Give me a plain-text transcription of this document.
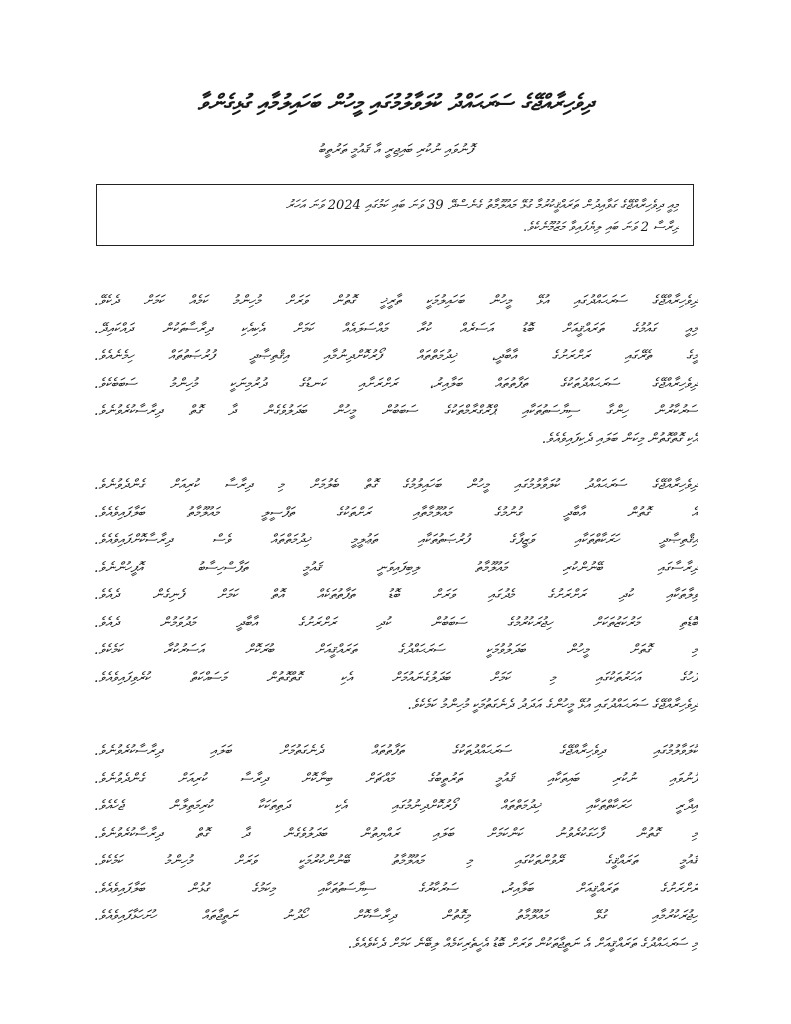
ދިވެހިރާއްޖޭގެ ސަރަޙައްދު ކުލަވާލުމުގައި މީހުން ބަހައިލުމާއި ގުޅިގެންވާ
ފޮނުވައި ނުކުރި ބައިޖިރީ އާ ޤައުމީ ތަރުތީބު
މިއީ ދިވެހިރާއްޖޭގެ ގަވާއިދުން ތަރައްޤީކުރުމާ ގުޅޭ މައުލޫމާތު ގެނެސްދޭ 39 ވަނަ ބައި ކަމުގައި 2024 ވަނަ އަހަރު
ދިރާސާ 2 ވަނަ ބައި ލިޔެފައިވާ މަޒުމޫނެކެވެ.
ދިވެހިރާއްޖޭގެ ސަރަޙައްދުގައި އުޅޭ މީހުން ބަހައިލުމަކީ ތާރީޚީ ގޮތުން ވަރަށް މުހިންމު ކަމެއް ކަމަށް ދެކެވޭ.
މިއީ ގައުމުގެ ތަރައްޤީއަށް ބޮޑު އަސަރެއް ކުރާ މައްސަލައެއް ކަމަށް އެކިއެކި ދިރާސާތަކުން ދައްކައިދޭ.
މީގެ ތެރޭގައި ރަށްރަށުގެ އާބާދީ، ޚިދުމަތްތައް ފޯރުކޮށްދިނުމާއި އިޤްތިޞާދީ ފުރުޞަތުތައް ހިމެނެއެވެ.
ދިވެހިރާއްޖޭގެ ސަރަޙައްދުތަކުގެ ތަފާތުތައް ބަލާއިރު، ރަށްރަށާއި ކަނޑުގެ ދުރުމިނަކީ މުހިންމު ސަބަބެކެވެ.
ސަރުކާރުން ހިންގާ ސިޔާސަތުތަކާއި ޕްރޮގްރާމްތަކުގެ ސަބަބުން މީހުން ބަދަލުވެގެން ދާ ގޮތް ދިރާސާކުރެވުނެވެ.
އެކި ގޮތްގޮތުން މިކަން ބަލައި ދެކިފައިވެއެވެ.
ދިވެހިރާއްޖޭގެ ސަރަޙައްދު ކުލަވާލުމުގައި މީހުން ބަހައިލުމުގެ ގޮތް ބެލުމަށް މި ދިރާސާ ކުރިއަށް ގެންދެވުނެވެ.
އެ ގޮތުން އާބާދީ ގުނުމުގެ މައުލޫމާތާއި ރަށްތަކުގެ ތަފްސީލީ މައުލޫމާތު ބަލާފައިވެއެވެ.
އިޤްތިޞާދީ ހަރަކާތްތަކާއި ވަޒީފާގެ ފުރުޞަތުތަކާއި ތަޢުލީމީ ޚިދުމަތްތައް ވެސް ދިރާސާކޮށްފައިވެއެވެ.
ދިރާސާގައި ބޭނުންކުރި މައުލޫމާތު ލިބިފައިވަނީ ޤައުމީ ތަފާސްހިސާބު އޮފީހުންނެވެ.
ވިލާތަކާއި ކުދި ރަށްރަށުގެ މެދުގައި ވަރަށް ބޮޑު ތަފާތުތަކެއް އޮތް ކަމަށް ފެނިގެން ދެއެވެ.
ބޮޑެތި މަރުކަޒުތަކަށް ހިޖުރަކުރުމުގެ ސަބަބުން ކުދި ރަށްރަށުގެ އާބާދީ މަދުވަމުން ދެއެވެ.
މި ގޮތަށް މީހުން ބަދަލުވުމަކީ ސަރަޙައްދުގެ ތަރައްޤީއަށް ބުރަކޮށް އަސަރުކުރާ ކަމެކެވެ.
ފަހުގެ އަހަރުތަކުގައި މި ކަމަށް ބަދަލުގެނައުމަށް އެކި ގޮތްގޮތުން މަސައްކަތް ކުރެވިފައިވެއެވެ.
ދިވެހިރާއްޖޭގެ ސަރަޙައްދުގައި އުޅޭ މީހުންގެ އަދަދު ދެނެގަތުމަކީ މުހިންމު ކަމެކެވެ.
ކުލަވާލުމުގައި ދިވެހިރާއްޖޭގެ ސަރަޙައްދުތަކުގެ ތަފާތުތައް ދެނެގަތުމަށް ބަލައި ދިރާސާކުރެވުނެވެ.
ފޮނުވައި ނުކުރި ބައިތަކާއި ޤައުމީ ތަރުތީބުގެ މައްޗަށް ބިނާކޮށް ދިރާސާ ކުރިއަށް ގެންދެވުނެވެ.
އިދާރީ ހަރަކާތްތަކާއި ޚިދުމަތްތައް ފޯރުކޮށްދިނުމުގައި އެކި ދަތިތަކަކާ ކުރިމަތިލާން ޖެހެއެވެ.
މި ގޮތުން ފާހަގަކުރެވުނު ކަންކަމަށް ބަލައި ރައްޔިތުން ބަދަލުވެގެން ދާ ގޮތް ދިރާސާކުރެވުނެވެ.
ޤައުމީ ތަރައްޤީގެ ރޭވުންތަކުގައި މި މައުލޫމާތު ބޭނުންކުރުމަކީ ވަރަށް މުހިންމު ކަމެކެވެ.
ރަށްރަށުގެ ތަރައްޤީއަށް ބަލާއިރު، ސަރުކާރުގެ ސިޔާސަތުތަކާއި މިކަމުގެ ގުޅުން ބަލާފައިވެއެވެ.
ހިޖުރަކުރުމާއި ގުޅޭ މައުލޫމާތު މިގޮތުން ދިރާސާކޮށް ހޯދުނު ނަތީޖާތައް ހުށަހަޅާފައިވެއެވެ.
މި ސަރަޙައްދުގެ ތަރައްޤީއަށް އެ ނަތީޖާތަކުން ވަރަށް ބޮޑު އެހީތެރިކަމެއް ލިބޭނެ ކަމަށް ދެކެވެއެވެ.
